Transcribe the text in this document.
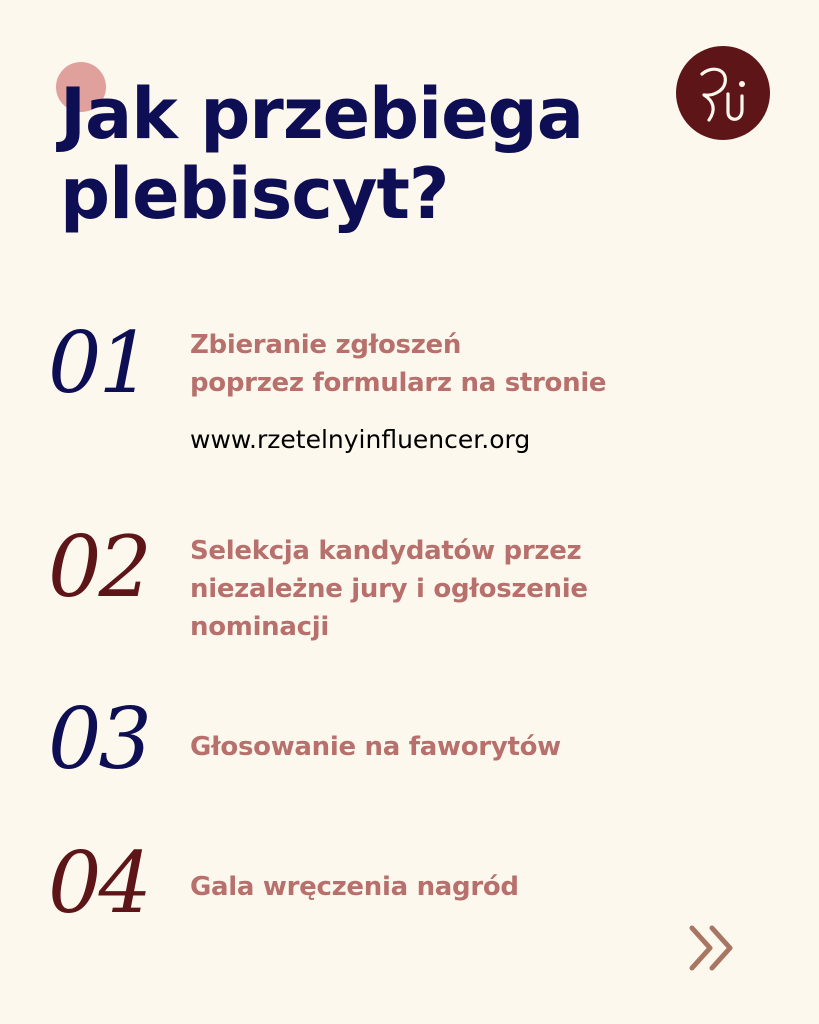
Jak przebiega
plebiscyt?
01 Zbieranie zgłoszeń
poprzez formularz na stronie
www.rzetelnyinfluencer.org
02 Selekcja kandydatów przez
niezależne jury i ogłoszenie
nominacji
03 Głosowanie na faworytów
04 Gala wręczenia nagród
